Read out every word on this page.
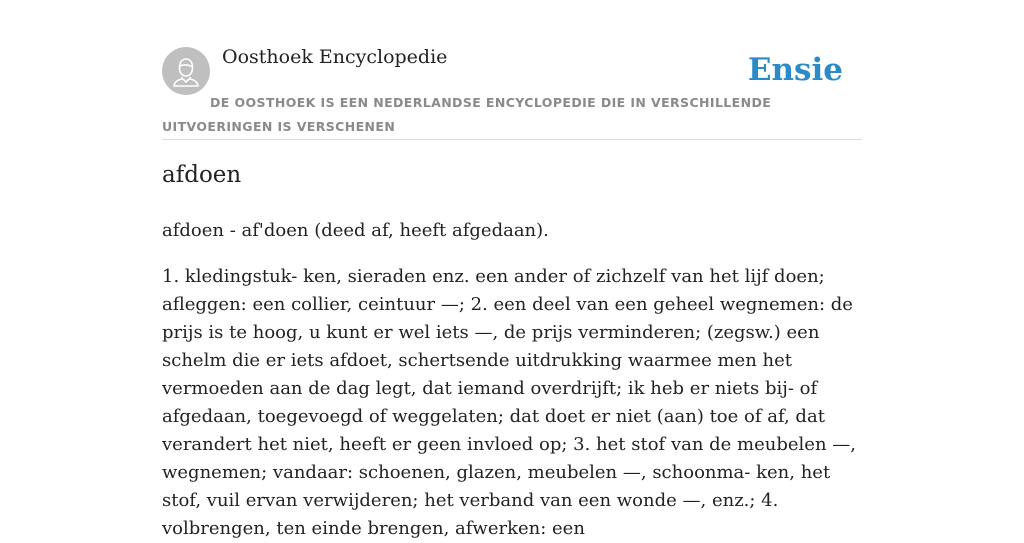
Oosthoek Encyclopedie	Ensie
DE OOSTHOEK IS EEN NEDERLANDSE ENCYCLOPEDIE DIE IN VERSCHILLENDE UITVOERINGEN IS VERSCHENEN
afdoen

afdoen - af'doen (deed af, heeft afgedaan).

1. kledingstuk- ken, sieraden enz. een ander of zichzelf van het lijf doen; afleggen: een collier, ceintuur —; 2. een deel van een geheel wegnemen: de prijs is te hoog, u kunt er wel iets —, de prijs verminderen; (zegsw.) een schelm die er iets afdoet, schertsende uitdrukking waarmee men het vermoeden aan de dag legt, dat iemand overdrijft; ik heb er niets bij- of afgedaan, toegevoegd of weggelaten; dat doet er niet (aan) toe of af, dat verandert het niet, heeft er geen invloed op; 3. het stof van de meubelen —, wegnemen; vandaar: schoenen, glazen, meubelen —, schoonma- ken, het stof, vuil ervan verwijderen; het verband van een wonde —, enz.; 4. volbrengen, ten einde brengen, afwerken: een
